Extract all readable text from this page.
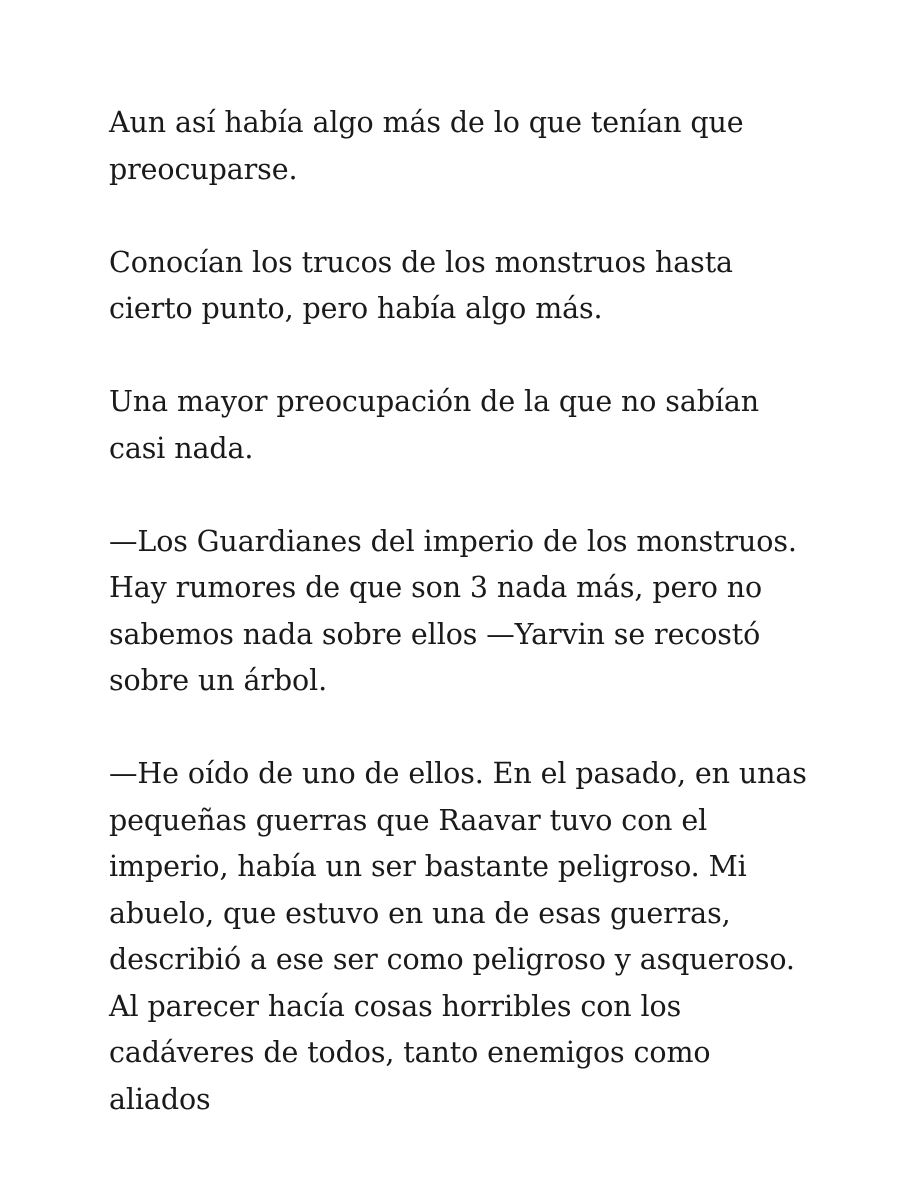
Aun así había algo más de lo que tenían que
preocuparse.

Conocían los trucos de los monstruos hasta
cierto punto, pero había algo más.

Una mayor preocupación de la que no sabían
casi nada.

—Los Guardianes del imperio de los monstruos.
Hay rumores de que son 3 nada más, pero no
sabemos nada sobre ellos —Yarvin se recostó
sobre un árbol.

—He oído de uno de ellos. En el pasado, en unas
pequeñas guerras que Raavar tuvo con el
imperio, había un ser bastante peligroso. Mi
abuelo, que estuvo en una de esas guerras,
describió a ese ser como peligroso y asqueroso.
Al parecer hacía cosas horribles con los
cadáveres de todos, tanto enemigos como
aliados
